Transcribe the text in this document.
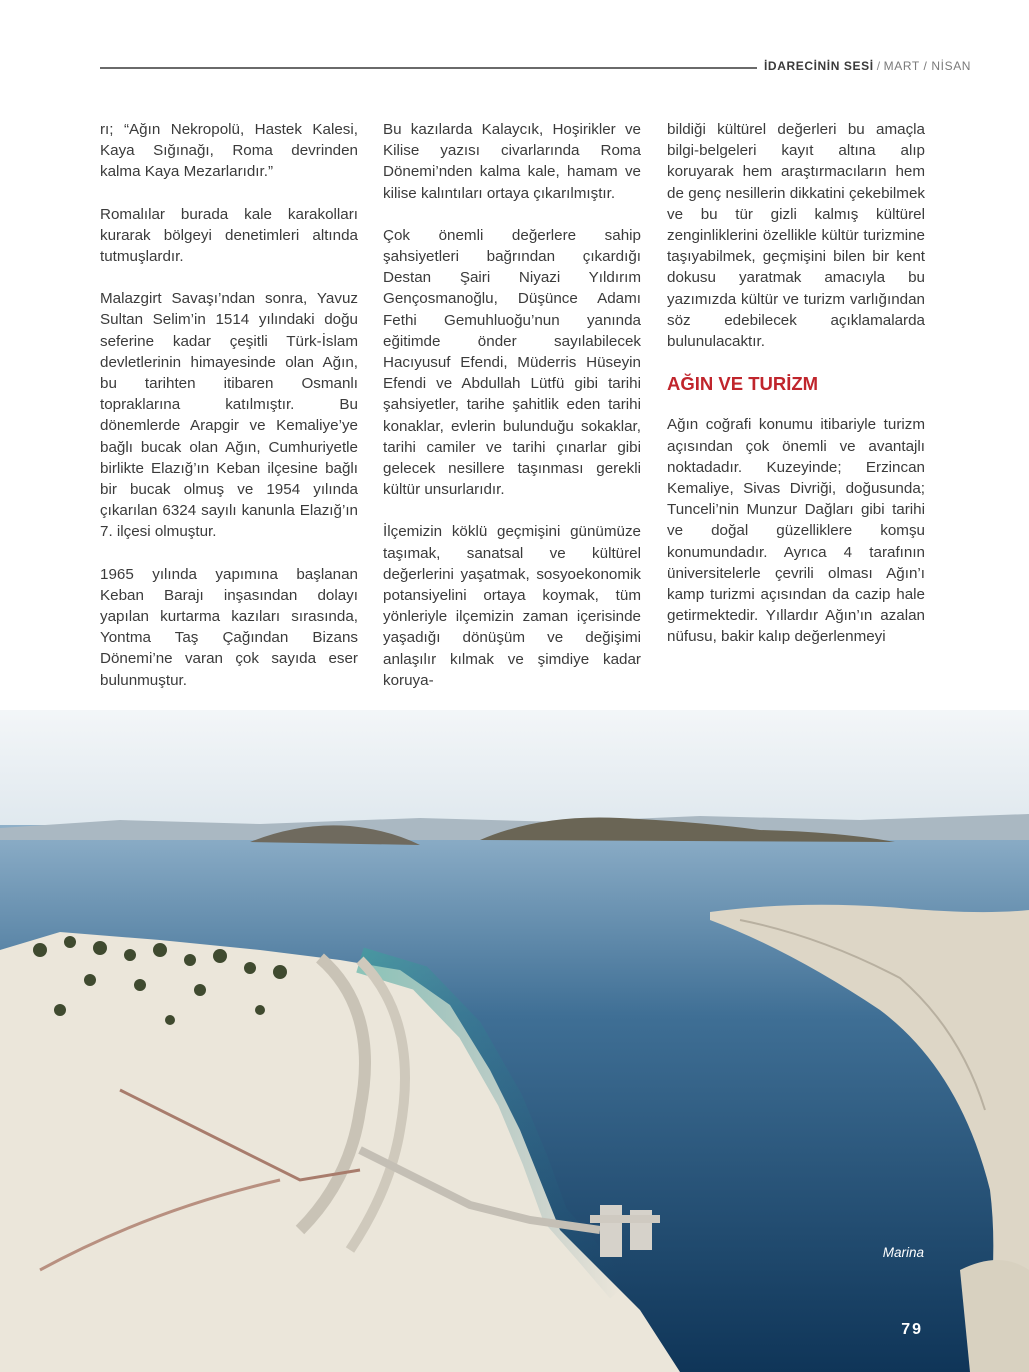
İDARECİNİN SESİ / MART / NİSAN

rı; “Ağın Nekropolü, Hastek Kalesi, Kaya Sığınağı, Roma devrinden kalma Kaya Mezarlarıdır.”

Romalılar burada kale karakolları kurarak bölgeyi denetimleri altında tutmuşlardır.

Malazgirt Savaşı’ndan sonra, Yavuz Sultan Selim’in 1514 yılındaki doğu seferine kadar çeşitli Türk-İslam devletlerinin himayesinde olan Ağın, bu tarihten itibaren Osmanlı topraklarına katılmıştır. Bu dönemlerde Arapgir ve Kemaliye’ye bağlı bucak olan Ağın, Cumhuriyetle birlikte Elazığ’ın Keban ilçesine bağlı bir bucak olmuş ve 1954 yılında çıkarılan 6324 sayılı kanunla Elazığ’ın 7. ilçesi olmuştur.

1965 yılında yapımına başlanan Keban Barajı inşasından dolayı yapılan kurtarma kazıları sırasında, Yontma Taş Çağından Bizans Dönemi’ne varan çok sayıda eser bulunmuştur.

Bu kazılarda Kalaycık, Hoşirikler ve Kilise yazısı civarlarında Roma Dönemi’nden kalma kale, hamam ve kilise kalıntıları ortaya çıkarılmıştır.

Çok önemli değerlere sahip şahsiyetleri bağrından çıkardığı Destan Şairi Niyazi Yıldırım Gençosmanoğlu, Düşünce Adamı Fethi Gemuhluoğu’nun yanında eğitimde önder sayılabilecek Hacıyusuf Efendi, Müderris Hüseyin Efendi ve Abdullah Lütfü gibi tarihi şahsiyetler, tarihe şahitlik eden tarihi konaklar, evlerin bulunduğu sokaklar, tarihi camiler ve tarihi çınarlar gibi gelecek nesillere taşınması gerekli kültür unsurlarıdır.

İlçemizin köklü geçmişini günümüze taşımak, sanatsal ve kültürel değerlerini yaşatmak, sosyoekonomik potansiyelini ortaya koymak, tüm yönleriyle ilçemizin zaman içerisinde yaşadığı dönüşüm ve değişimi anlaşılır kılmak ve şimdiye kadar koruya-

bildiği kültürel değerleri bu amaçla bilgi-belgeleri kayıt altına alıp koruyarak hem araştırmacıların hem de genç nesillerin dikkatini çekebilmek ve bu tür gizli kalmış kültürel zenginliklerini özellikle kültür turizmine taşıyabilmek, geçmişini bilen bir kent dokusu yaratmak amacıyla bu yazımızda kültür ve turizm varlığından söz edebilecek açıklamalarda bulunulacaktır.

AĞIN VE TURİZM

Ağın coğrafi konumu itibariyle turizm açısından çok önemli ve avantajlı noktadadır. Kuzeyinde; Erzincan Kemaliye, Sivas Divriği, doğusunda; Tunceli’nin Munzur Dağları gibi tarihi ve doğal güzelliklere komşu konumundadır. Ayrıca 4 tarafının üniversitelerle çevrili olması Ağın’ı kamp turizmi açısından da cazip hale getirmektedir. Yıllardır Ağın’ın azalan nüfusu, bakir kalıp değerlenmeyi

Marina
79
